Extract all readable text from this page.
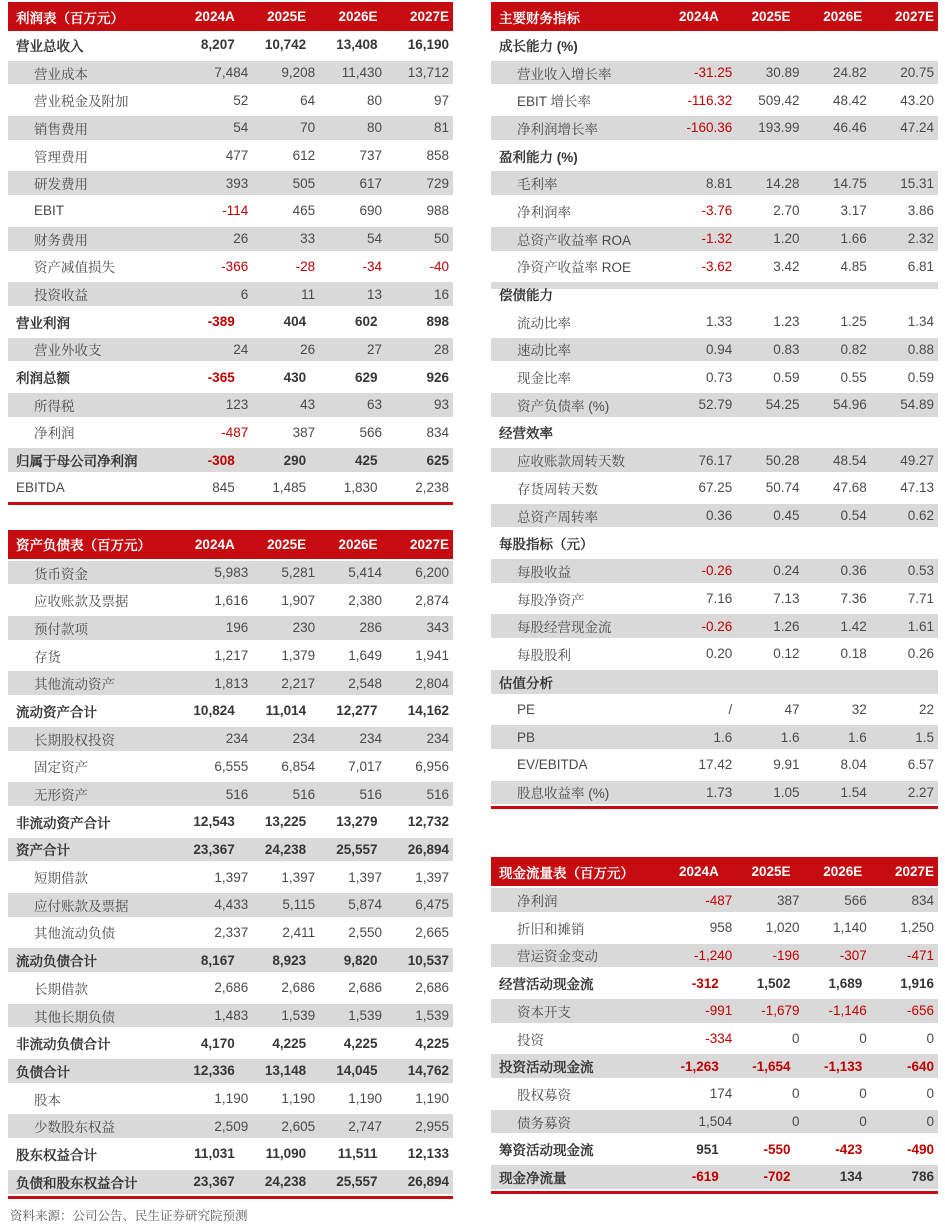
利润表（百万元）	2024A	2025E	2026E	2027E
营业总收入	8,207	10,742	13,408	16,190
营业成本	7,484	9,208	11,430	13,712
营业税金及附加	52	64	80	97
销售费用	54	70	80	81
管理费用	477	612	737	858
研发费用	393	505	617	729
EBIT	-114	465	690	988
财务费用	26	33	54	50
资产减值损失	-366	-28	-34	-40
投资收益	6	11	13	16
营业利润	-389	404	602	898
营业外收支	24	26	27	28
利润总额	-365	430	629	926
所得税	123	43	63	93
净利润	-487	387	566	834
归属于母公司净利润	-308	290	425	625
EBITDA	845	1,485	1,830	2,238
资产负债表（百万元）	2024A	2025E	2026E	2027E
货币资金	5,983	5,281	5,414	6,200
应收账款及票据	1,616	1,907	2,380	2,874
预付款项	196	230	286	343
存货	1,217	1,379	1,649	1,941
其他流动资产	1,813	2,217	2,548	2,804
流动资产合计	10,824	11,014	12,277	14,162
长期股权投资	234	234	234	234
固定资产	6,555	6,854	7,017	6,956
无形资产	516	516	516	516
非流动资产合计	12,543	13,225	13,279	12,732
资产合计	23,367	24,238	25,557	26,894
短期借款	1,397	1,397	1,397	1,397
应付账款及票据	4,433	5,115	5,874	6,475
其他流动负债	2,337	2,411	2,550	2,665
流动负债合计	8,167	8,923	9,820	10,537
长期借款	2,686	2,686	2,686	2,686
其他长期负债	1,483	1,539	1,539	1,539
非流动负债合计	4,170	4,225	4,225	4,225
负债合计	12,336	13,148	14,045	14,762
股本	1,190	1,190	1,190	1,190
少数股东权益	2,509	2,605	2,747	2,955
股东权益合计	11,031	11,090	11,511	12,133
负债和股东权益合计	23,367	24,238	25,557	26,894
资料来源：公司公告、民生证券研究院预测
主要财务指标	2024A	2025E	2026E	2027E
成长能力 (%)
营业收入增长率	-31.25	30.89	24.82	20.75
EBIT 增长率	-116.32	509.42	48.42	43.20
净利润增长率	-160.36	193.99	46.46	47.24
盈利能力 (%)
毛利率	8.81	14.28	14.75	15.31
净利润率	-3.76	2.70	3.17	3.86
总资产收益率 ROA	-1.32	1.20	1.66	2.32
净资产收益率 ROE	-3.62	3.42	4.85	6.81
偿债能力
流动比率	1.33	1.23	1.25	1.34
速动比率	0.94	0.83	0.82	0.88
现金比率	0.73	0.59	0.55	0.59
资产负债率 (%)	52.79	54.25	54.96	54.89
经营效率
应收账款周转天数	76.17	50.28	48.54	49.27
存货周转天数	67.25	50.74	47.68	47.13
总资产周转率	0.36	0.45	0.54	0.62
每股指标（元）
每股收益	-0.26	0.24	0.36	0.53
每股净资产	7.16	7.13	7.36	7.71
每股经营现金流	-0.26	1.26	1.42	1.61
每股股利	0.20	0.12	0.18	0.26
估值分析
PE	/	47	32	22
PB	1.6	1.6	1.6	1.5
EV/EBITDA	17.42	9.91	8.04	6.57
股息收益率 (%)	1.73	1.05	1.54	2.27
现金流量表（百万元）	2024A	2025E	2026E	2027E
净利润	-487	387	566	834
折旧和摊销	958	1,020	1,140	1,250
营运资金变动	-1,240	-196	-307	-471
经营活动现金流	-312	1,502	1,689	1,916
资本开支	-991	-1,679	-1,146	-656
投资	-334	0	0	0
投资活动现金流	-1,263	-1,654	-1,133	-640
股权募资	174	0	0	0
债务募资	1,504	0	0	0
筹资活动现金流	951	-550	-423	-490
现金净流量	-619	-702	134	786
